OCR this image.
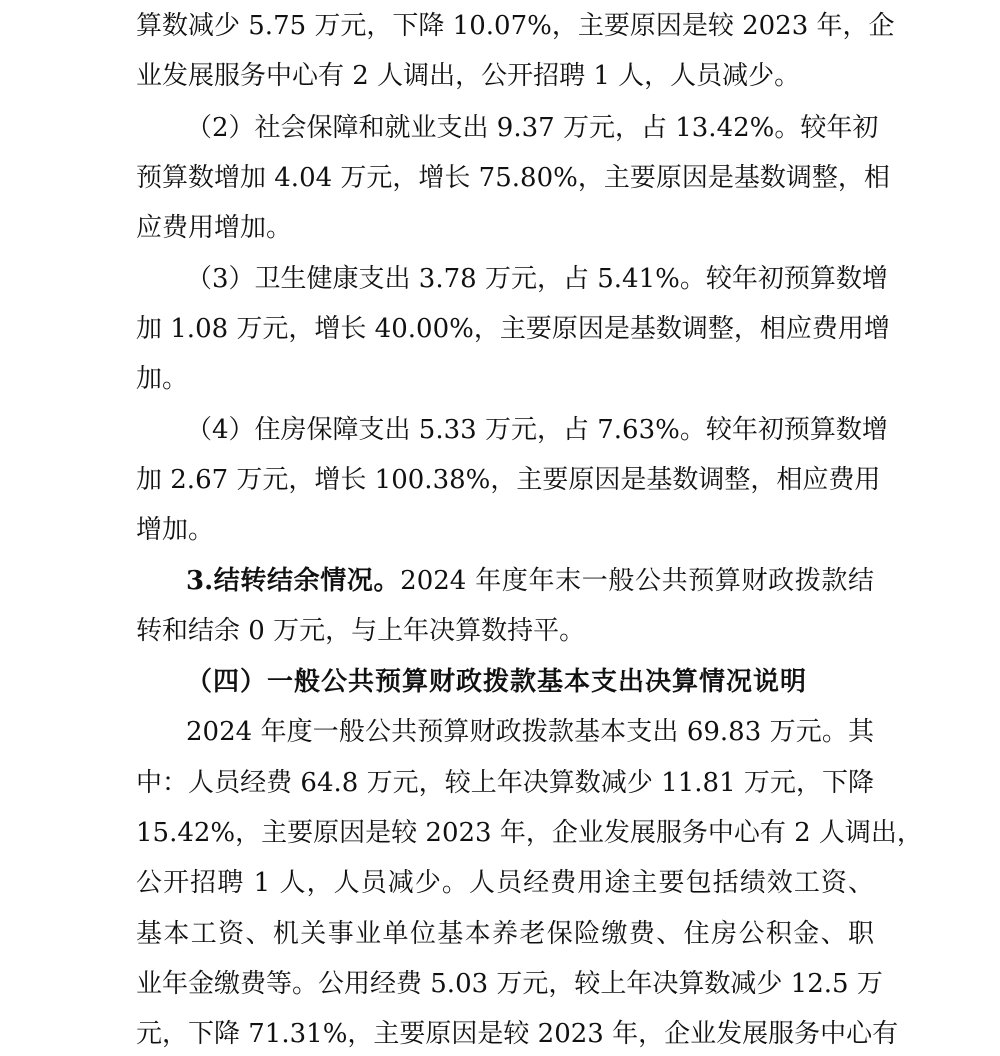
算数减少 5.75 万元，下降 10.07%，主要原因是较 2023 年，企
业发展服务中心有 2 人调出，公开招聘 1 人，人员减少。
（2）社会保障和就业支出 9.37 万元，占 13.42%。较年初
预算数增加 4.04 万元，增长 75.80%，主要原因是基数调整，相
应费用增加。
（3）卫生健康支出 3.78 万元，占 5.41%。较年初预算数增
加 1.08 万元，增长 40.00%，主要原因是基数调整，相应费用增
加。
（4）住房保障支出 5.33 万元，占 7.63%。较年初预算数增
加 2.67 万元，增长 100.38%，主要原因是基数调整，相应费用
增加。
3.结转结余情况。2024 年度年末一般公共预算财政拨款结
转和结余 0 万元，与上年决算数持平。
（四）一般公共预算财政拨款基本支出决算情况说明
2024 年度一般公共预算财政拨款基本支出 69.83 万元。其
中：人员经费 64.8 万元，较上年决算数减少 11.81 万元，下降
15.42%，主要原因是较 2023 年，企业发展服务中心有 2 人调出，
公开招聘 1 人，人员减少。人员经费用途主要包括绩效工资、
基本工资、机关事业单位基本养老保险缴费、住房公积金、职
业年金缴费等。公用经费 5.03 万元，较上年决算数减少 12.5 万
元，下降 71.31%，主要原因是较 2023 年，企业发展服务中心有
